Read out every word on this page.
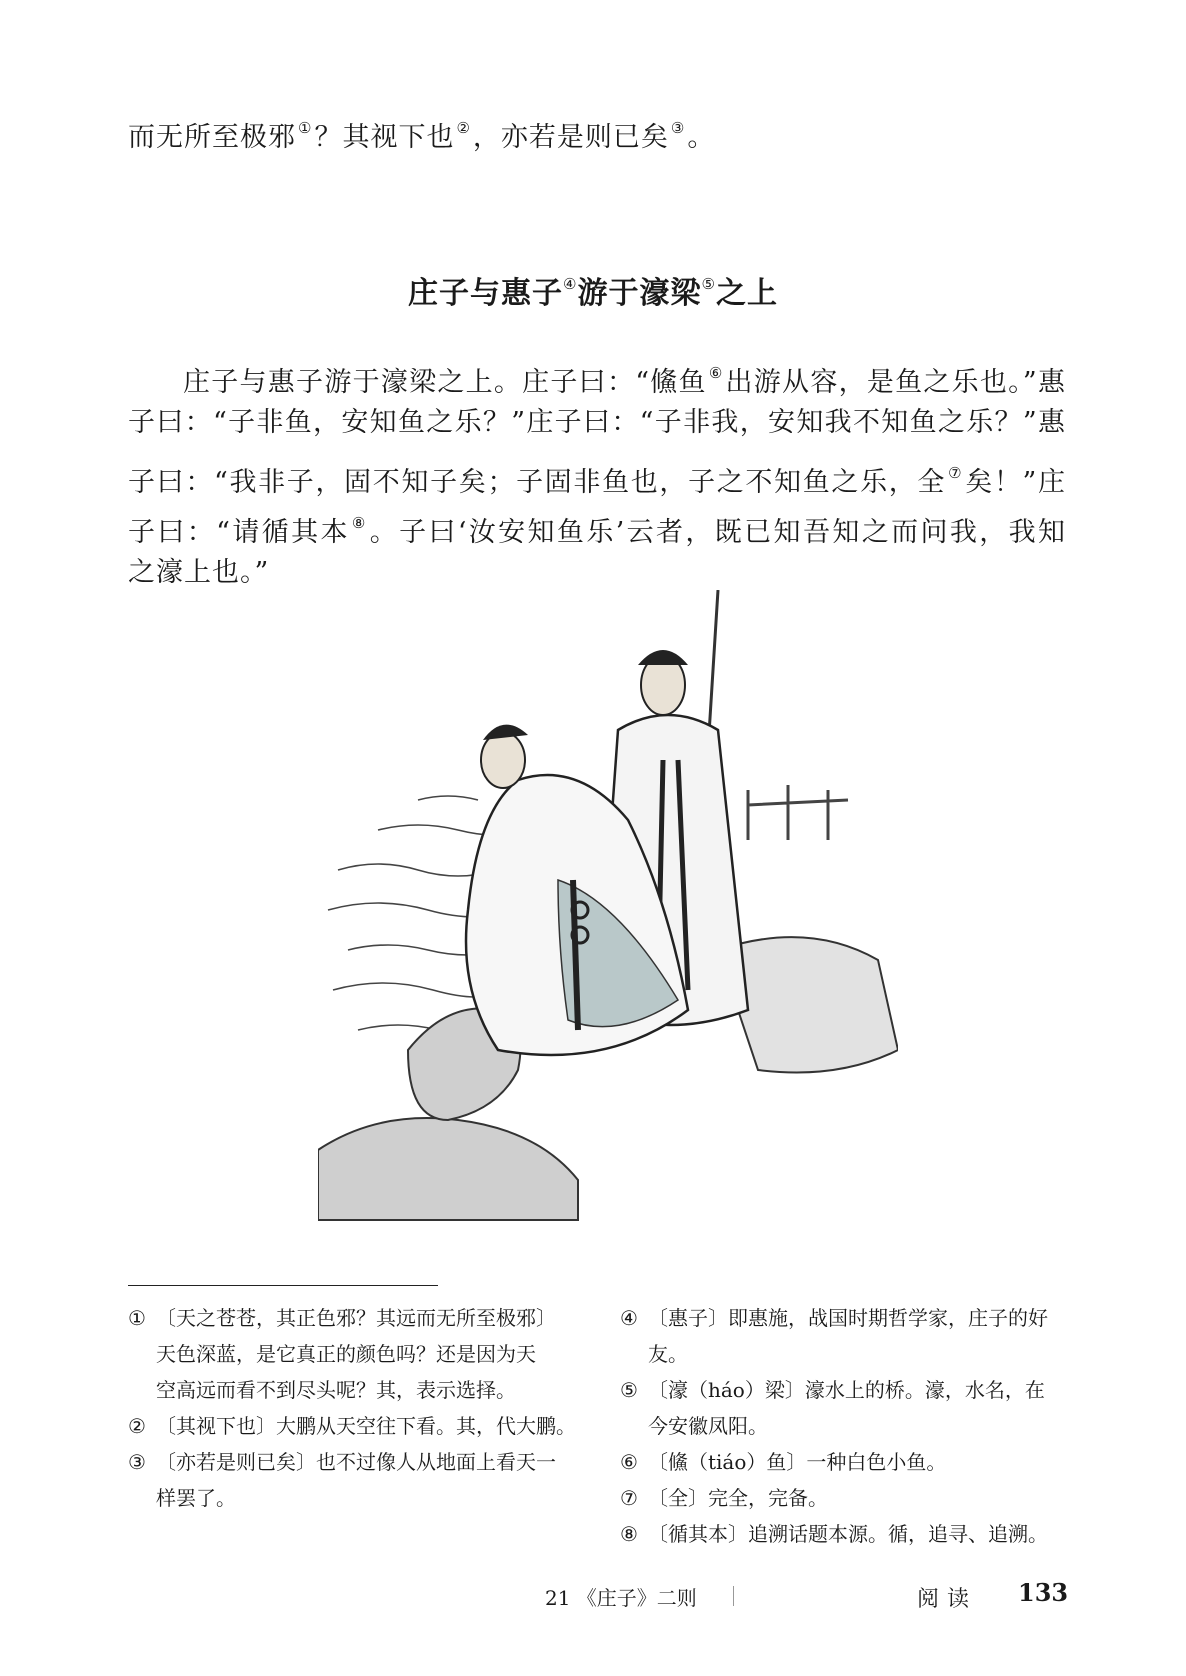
而无所至极邪 ①？其视下也 ②，亦若是则已矣 ③。
庄子与惠子④游于濠梁⑤之上
庄子与惠子游于濠梁之上。庄子曰：“鯈鱼 ⑥出游从容，是鱼之乐也。”惠
子曰：“子非鱼，安知鱼之乐？”庄子曰：“子非我，安知我不知鱼之乐？”惠
子曰：“我非子，固不知子矣；子固非鱼也，子之不知鱼之乐，全 ⑦矣！”庄
子曰：“请循其本 ⑧。子曰‘汝安知鱼乐’云者，既已知吾知之而问我，我知
之濠上也。”
① 〔天之苍苍，其正色邪？其远而无所至极邪〕
天色深蓝，是它真正的颜色吗？还是因为天
空高远而看不到尽头呢？其，表示选择。
② 〔其视下也〕大鹏从天空往下看。其，代大鹏。
③ 〔亦若是则已矣〕也不过像人从地面上看天一
样罢了。
④ 〔惠子〕即惠施，战国时期哲学家，庄子的好友。
⑤ 〔濠（háo）梁〕濠水上的桥。濠，水名，在
今安徽凤阳。
⑥ 〔鯈（tiáo）鱼〕一种白色小鱼。
⑦ 〔全〕完全，完备。
⑧ 〔循其本〕追溯话题本源。循，追寻、追溯。
21 《庄子》二则	阅读 133
